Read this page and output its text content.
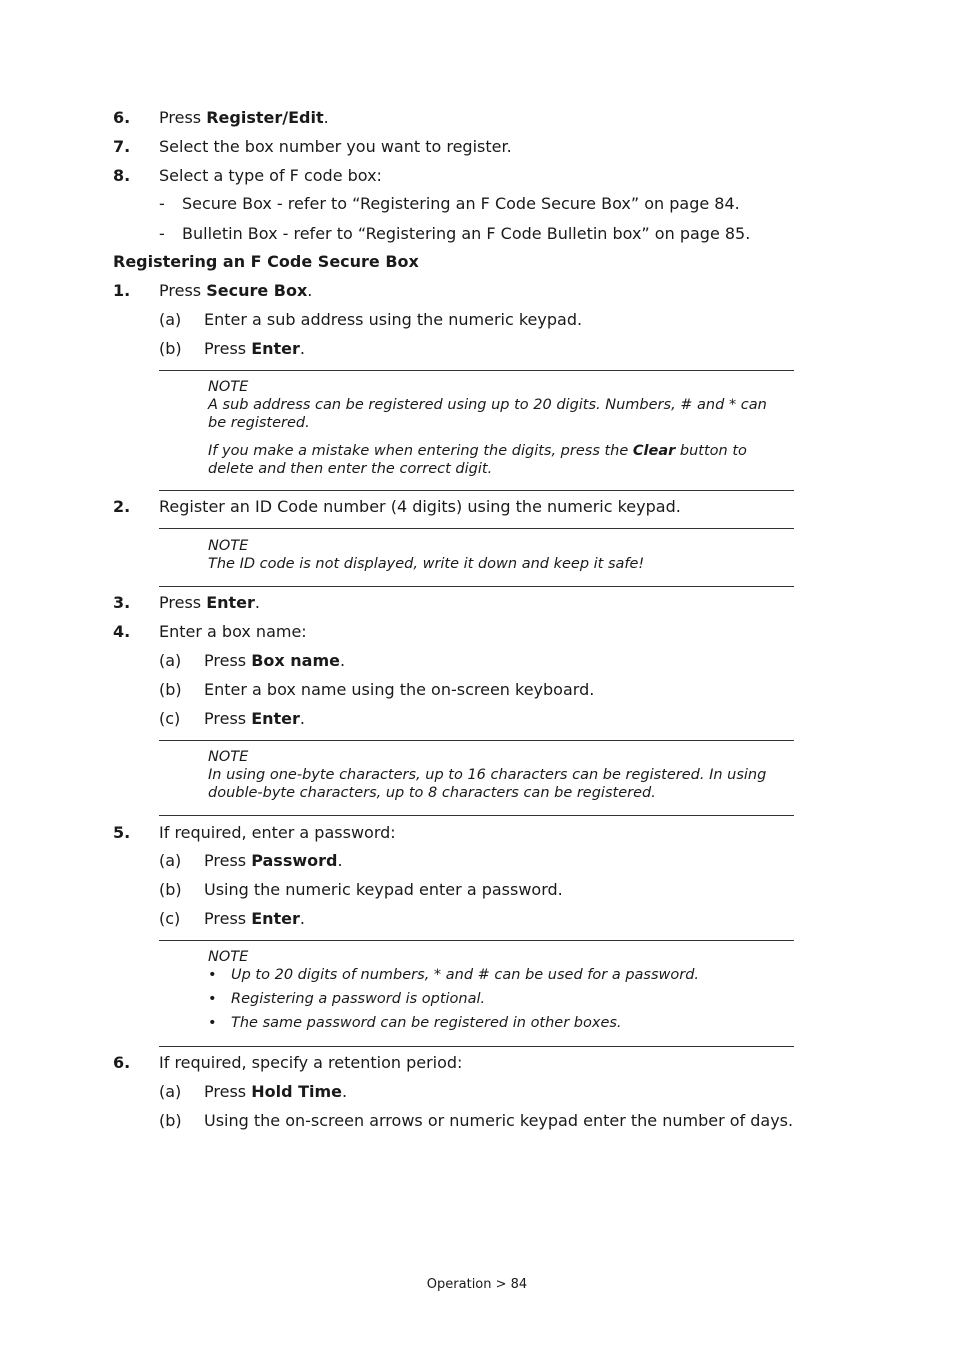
6. Press Register/Edit.
7. Select the box number you want to register.
8. Select a type of F code box:
- Secure Box - refer to “Registering an F Code Secure Box” on page 84.
- Bulletin Box - refer to “Registering an F Code Bulletin box” on page 85.
Registering an F Code Secure Box
1. Press Secure Box.
(a) Enter a sub address using the numeric keypad.
(b) Press Enter.
NOTE
A sub address can be registered using up to 20 digits. Numbers, # and * can be registered.
If you make a mistake when entering the digits, press the Clear button to delete and then enter the correct digit.
2. Register an ID Code number (4 digits) using the numeric keypad.
NOTE
The ID code is not displayed, write it down and keep it safe!
3. Press Enter.
4. Enter a box name:
(a) Press Box name.
(b) Enter a box name using the on-screen keyboard.
(c) Press Enter.
NOTE
In using one-byte characters, up to 16 characters can be registered. In using double-byte characters, up to 8 characters can be registered.
5. If required, enter a password:
(a) Press Password.
(b) Using the numeric keypad enter a password.
(c) Press Enter.
NOTE
• Up to 20 digits of numbers, * and # can be used for a password.
• Registering a password is optional.
• The same password can be registered in other boxes.
6. If required, specify a retention period:
(a) Press Hold Time.
(b) Using the on-screen arrows or numeric keypad enter the number of days.
Operation > 84
